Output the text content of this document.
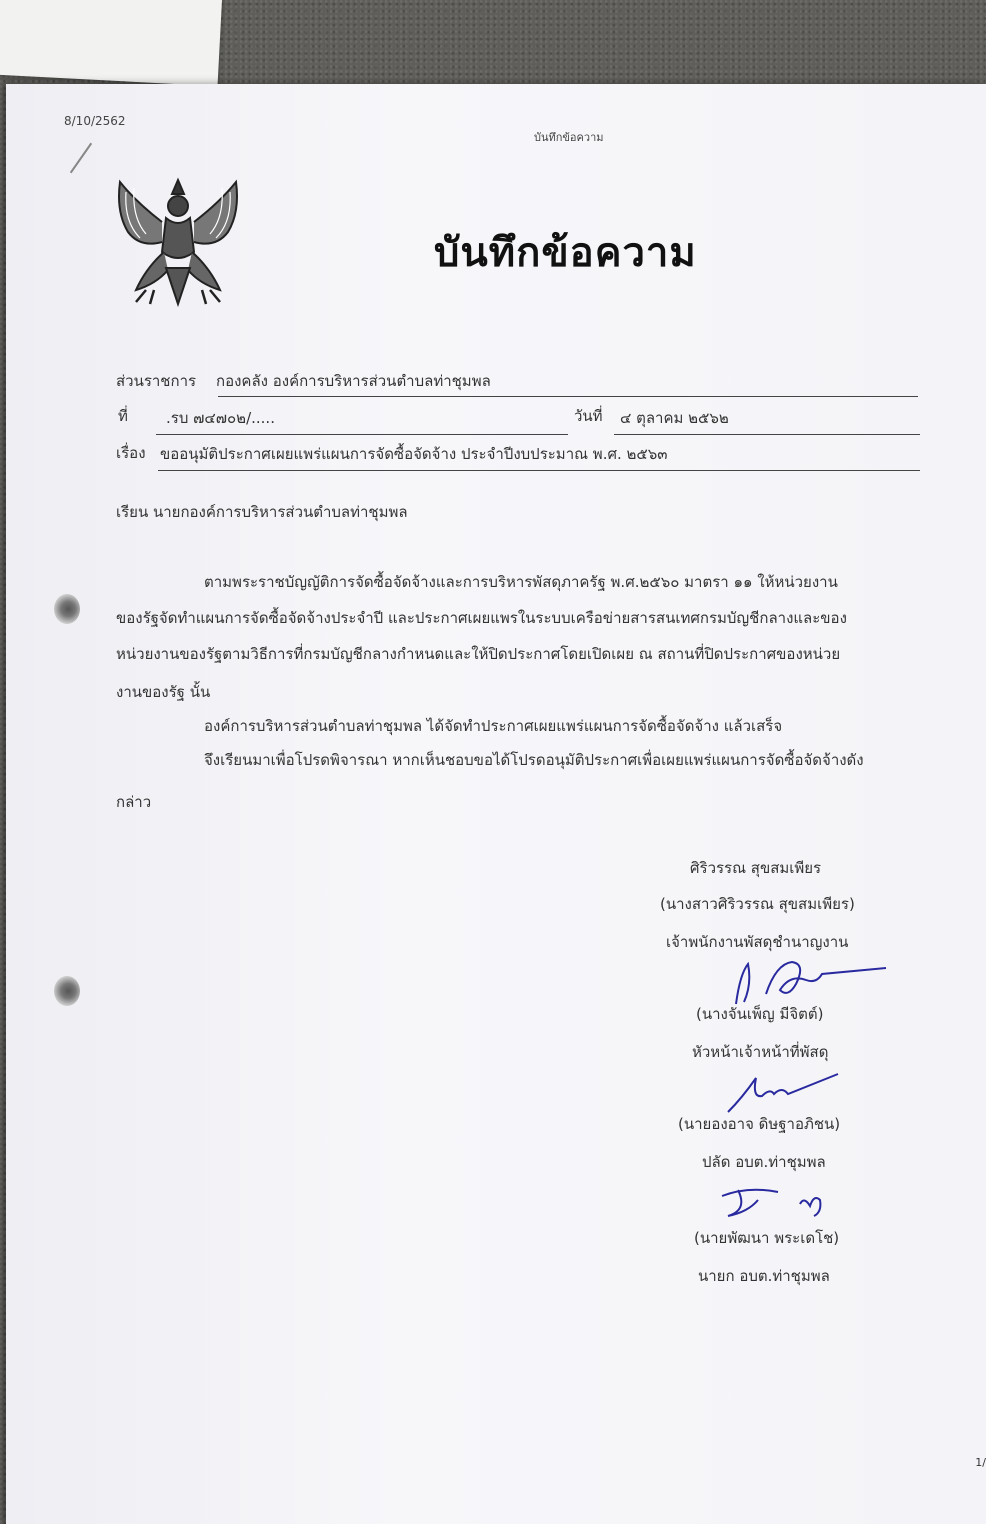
8/10/2562
บันทึกข้อความ
บันทึกข้อความ
ส่วนราชการ กองคลัง องค์การบริหารส่วนตำบลท่าชุมพล
ที่	.รบ ๗๔๗๐๒/.....	วันที่ ๔ ตุลาคม ๒๕๖๒
เรื่อง ขออนุมัติประกาศเผยแพร่แผนการจัดซื้อจัดจ้าง ประจำปีงบประมาณ พ.ศ. ๒๕๖๓
เรียน นายกองค์การบริหารส่วนตำบลท่าชุมพล
ตามพระราชบัญญัติการจัดซื้อจัดจ้างและการบริหารพัสดุภาครัฐ พ.ศ.๒๕๖๐ มาตรา ๑๑ ให้หน่วยงาน
ของรัฐจัดทำแผนการจัดซื้อจัดจ้างประจำปี และประกาศเผยแพรในระบบเครือข่ายสารสนเทศกรมบัญชีกลางและของ
หน่วยงานของรัฐตามวิธีการที่กรมบัญชีกลางกำหนดและให้ปิดประกาศโดยเปิดเผย ณ สถานที่ปิดประกาศของหน่วย
งานของรัฐ นั้น
องค์การบริหารส่วนตำบลท่าชุมพล ได้จัดทำประกาศเผยแพร่แผนการจัดซื้อจัดจ้าง แล้วเสร็จ
จึงเรียนมาเพื่อโปรดพิจารณา หากเห็นชอบขอได้โปรดอนุมัติประกาศเพื่อเผยแพร่แผนการจัดซื้อจัดจ้างดัง
กล่าว
ศิริวรรณ สุขสมเพียร
(นางสาวศิริวรรณ สุขสมเพียร)
เจ้าพนักงานพัสดุชำนาญงาน
(นางจันเพ็ญ มีจิตต์)
หัวหน้าเจ้าหน้าที่พัสดุ
(นายองอาจ ดิษฐาอภิชน)
ปลัด อบต.ท่าชุมพล
(นายพัฒนา พระเดโช)
นายก อบต.ท่าชุมพล
1/
